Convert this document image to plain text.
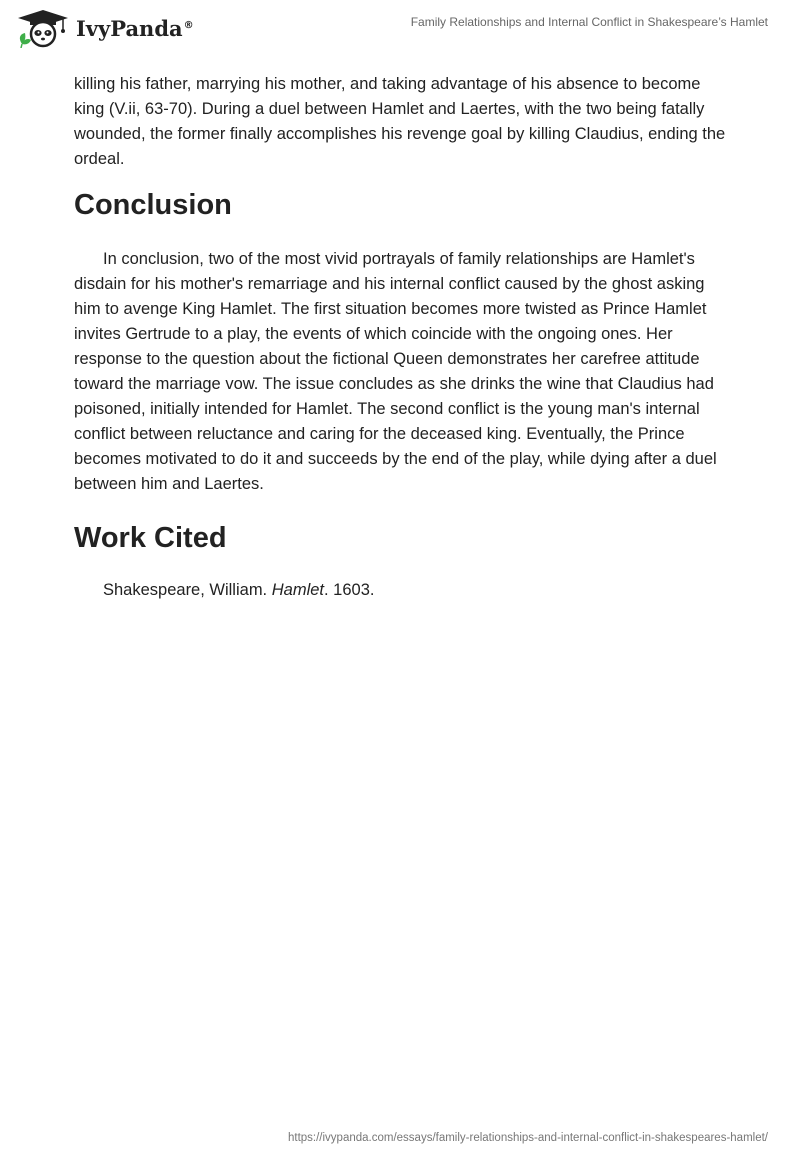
IvyPanda®	Family Relationships and Internal Conflict in Shakespeare’s Hamlet

killing his father, marrying his mother, and taking advantage of his absence to become king (V.ii, 63-70). During a duel between Hamlet and Laertes, with the two being fatally wounded, the former finally accomplishes his revenge goal by killing Claudius, ending the ordeal.

Conclusion

In conclusion, two of the most vivid portrayals of family relationships are Hamlet's disdain for his mother's remarriage and his internal conflict caused by the ghost asking him to avenge King Hamlet. The first situation becomes more twisted as Prince Hamlet invites Gertrude to a play, the events of which coincide with the ongoing ones. Her response to the question about the fictional Queen demonstrates her carefree attitude toward the marriage vow. The issue concludes as she drinks the wine that Claudius had poisoned, initially intended for Hamlet. The second conflict is the young man's internal conflict between reluctance and caring for the deceased king. Eventually, the Prince becomes motivated to do it and succeeds by the end of the play, while dying after a duel between him and Laertes.

Work Cited

Shakespeare, William. Hamlet. 1603.

https://ivypanda.com/essays/family-relationships-and-internal-conflict-in-shakespeares-hamlet/
